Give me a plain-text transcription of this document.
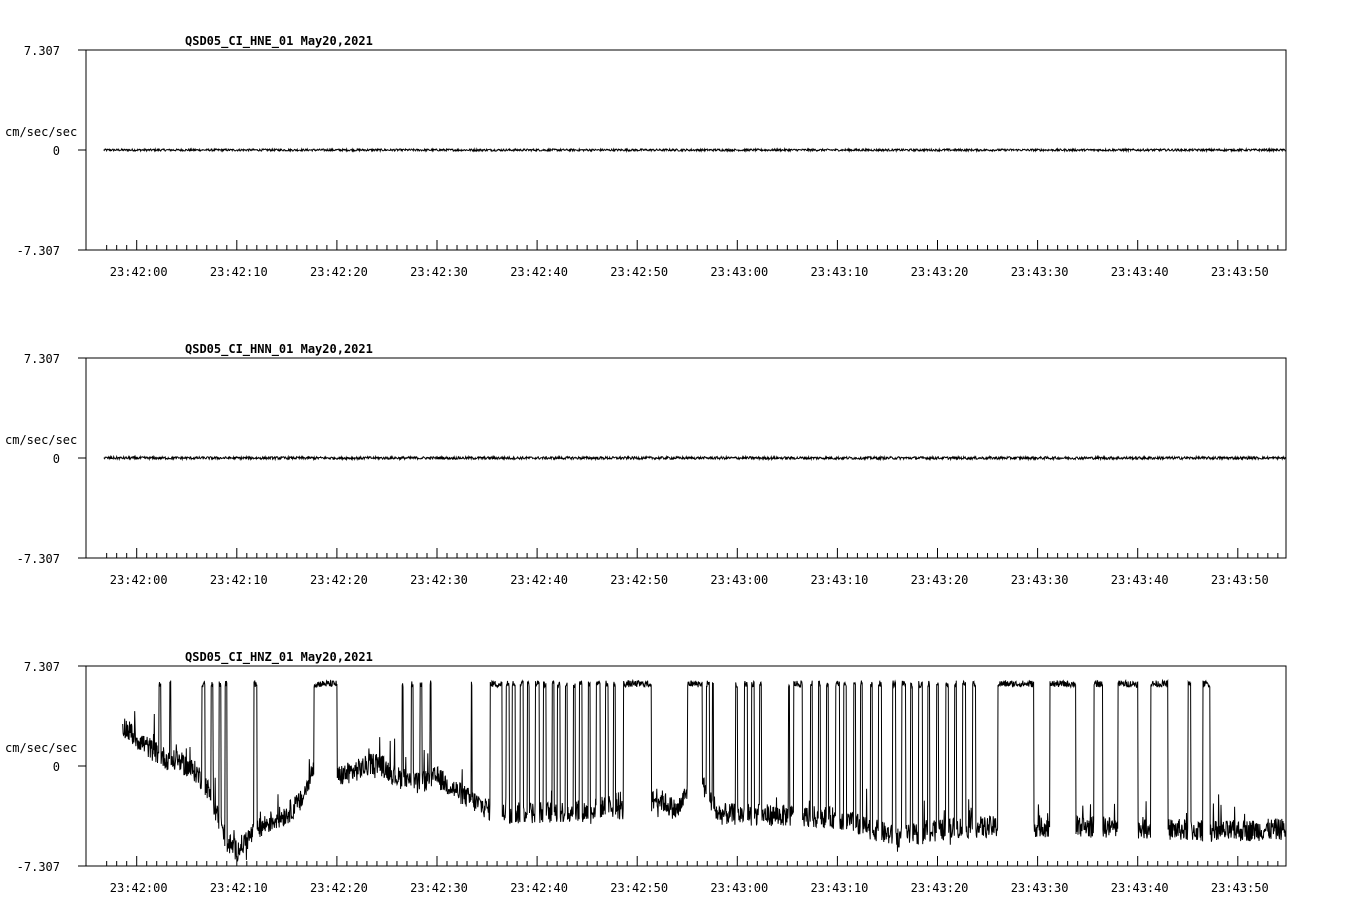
QSD05_CI_HNE_01 May20,2021
7.307
0
-7.307
cm/sec/sec
23:42:00	23:42:10	23:42:20	23:42:30	23:42:40	23:42:50	23:43:00	23:43:10	23:43:20	23:43:30	23:43:40	23:43:50
QSD05_CI_HNN_01 May20,2021
7.307
0
-7.307
cm/sec/sec
23:42:00	23:42:10	23:42:20	23:42:30	23:42:40	23:42:50	23:43:00	23:43:10	23:43:20	23:43:30	23:43:40	23:43:50
QSD05_CI_HNZ_01 May20,2021
7.307
0
-7.307
cm/sec/sec
23:42:00	23:42:10	23:42:20	23:42:30	23:42:40	23:42:50	23:43:00	23:43:10	23:43:20	23:43:30	23:43:40	23:43:50
